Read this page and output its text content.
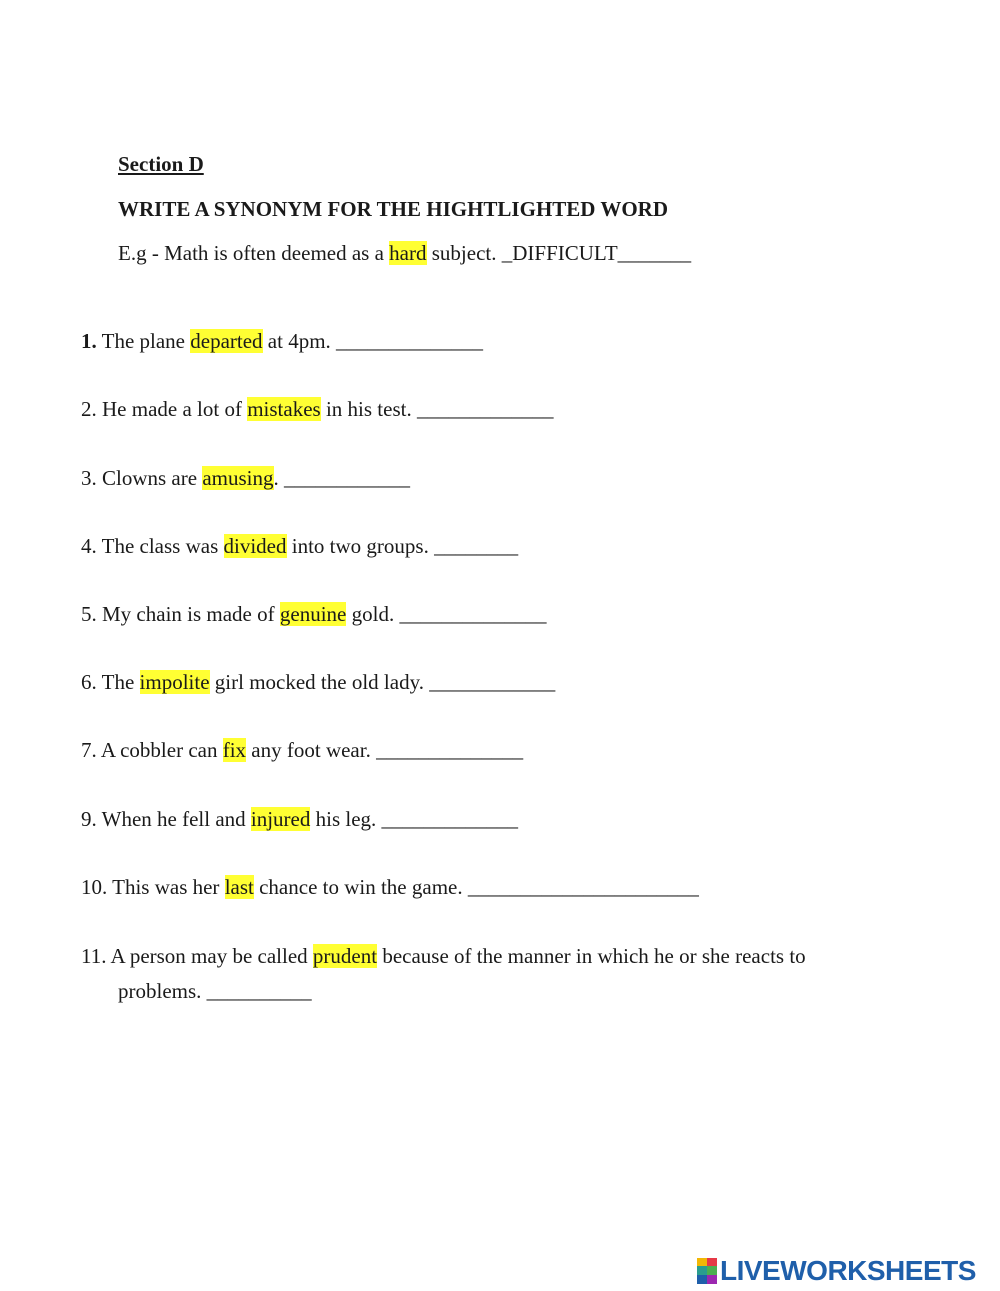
Section D
WRITE A SYNONYM FOR THE HIGHTLIGHTED WORD
E.g - Math is often deemed as a hard subject. _DIFFICULT_______
1. The plane departed at 4pm. ______________
2. He made a lot of mistakes in his test. _____________
3. Clowns are amusing. ____________
4. The class was divided into two groups. ________
5. My chain is made of genuine gold. ______________
6. The impolite girl mocked the old lady. ____________
7. A cobbler can fix any foot wear. ______________
9. When he fell and injured his leg. _____________
10. This was her last chance to win the game. ______________________
11. A person may be called prudent because of the manner in which he or she reacts to
problems. __________
LIVEWORKSHEETS
